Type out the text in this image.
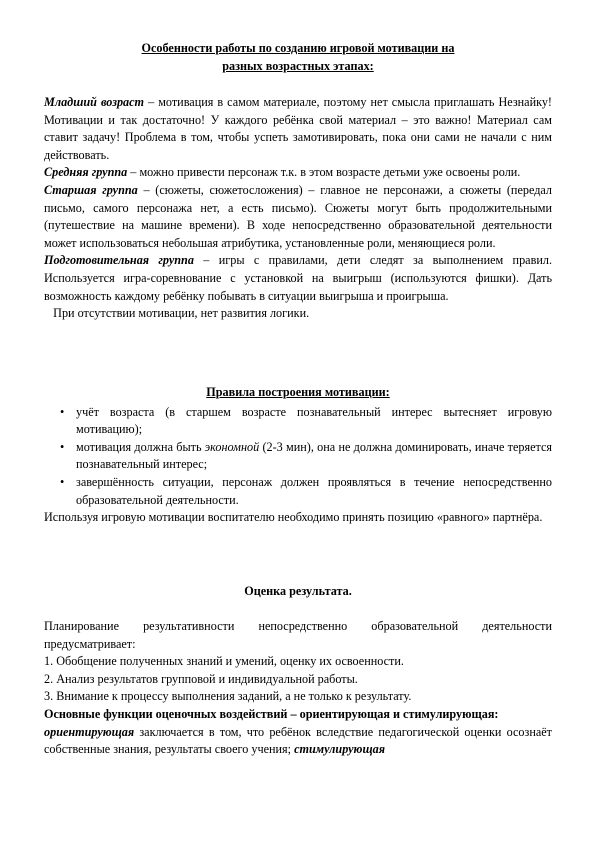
Особенности работы по созданию игровой мотивации на
разных возрастных этапах:

Младший возраст – мотивация в самом материале, поэтому нет смысла приглашать Незнайку! Мотивации и так достаточно! У каждого ребёнка свой материал – это важно! Материал сам ставит задачу! Проблема в том, чтобы успеть замотивировать, пока они сами не начали с ним действовать.

Средняя группа – можно привести персонаж т.к. в этом возрасте детьми уже освоены роли.

Старшая группа – (сюжеты, сюжетосложения) – главное не персонажи, а сюжеты (передал письмо, самого персонажа нет, а есть письмо). Сюжеты могут быть продолжительными (путешествие на машине времени). В ходе непосредственно образовательной деятельности может использоваться небольшая атрибутика, установленные роли, меняющиеся роли.

Подготовительная группа – игры с правилами, дети следят за выполнением правил. Используется игра-соревнование с установкой на выигрыш (используются фишки). Дать возможность каждому ребёнку побывать в ситуации выигрыша и проигрыша.

При отсутствии мотивации, нет развития логики.

Правила построения мотивации:
• учёт возраста (в старшем возрасте познавательный интерес вытесняет игровую мотивацию);
• мотивация должна быть экономной (2-3 мин), она не должна доминировать, иначе теряется познавательный интерес;
• завершённость ситуации, персонаж должен проявляться в течение непосредственно образовательной деятельности.

Используя игровую мотивации воспитателю необходимо принять позицию «равного» партнёра.

Оценка результата.

Планирование результативности непосредственно образовательной деятельности предусматривает:

1. Обобщение полученных знаний и умений, оценку их освоенности.
2. Анализ результатов групповой и индивидуальной работы.
3. Внимание к процессу выполнения заданий, а не только к результату.

Основные функции оценочных воздействий – ориентирующая и стимулирующая:

ориентирующая заключается в том, что ребёнок вследствие педагогической оценки осознаёт собственные знания, результаты своего учения; стимулирующая
